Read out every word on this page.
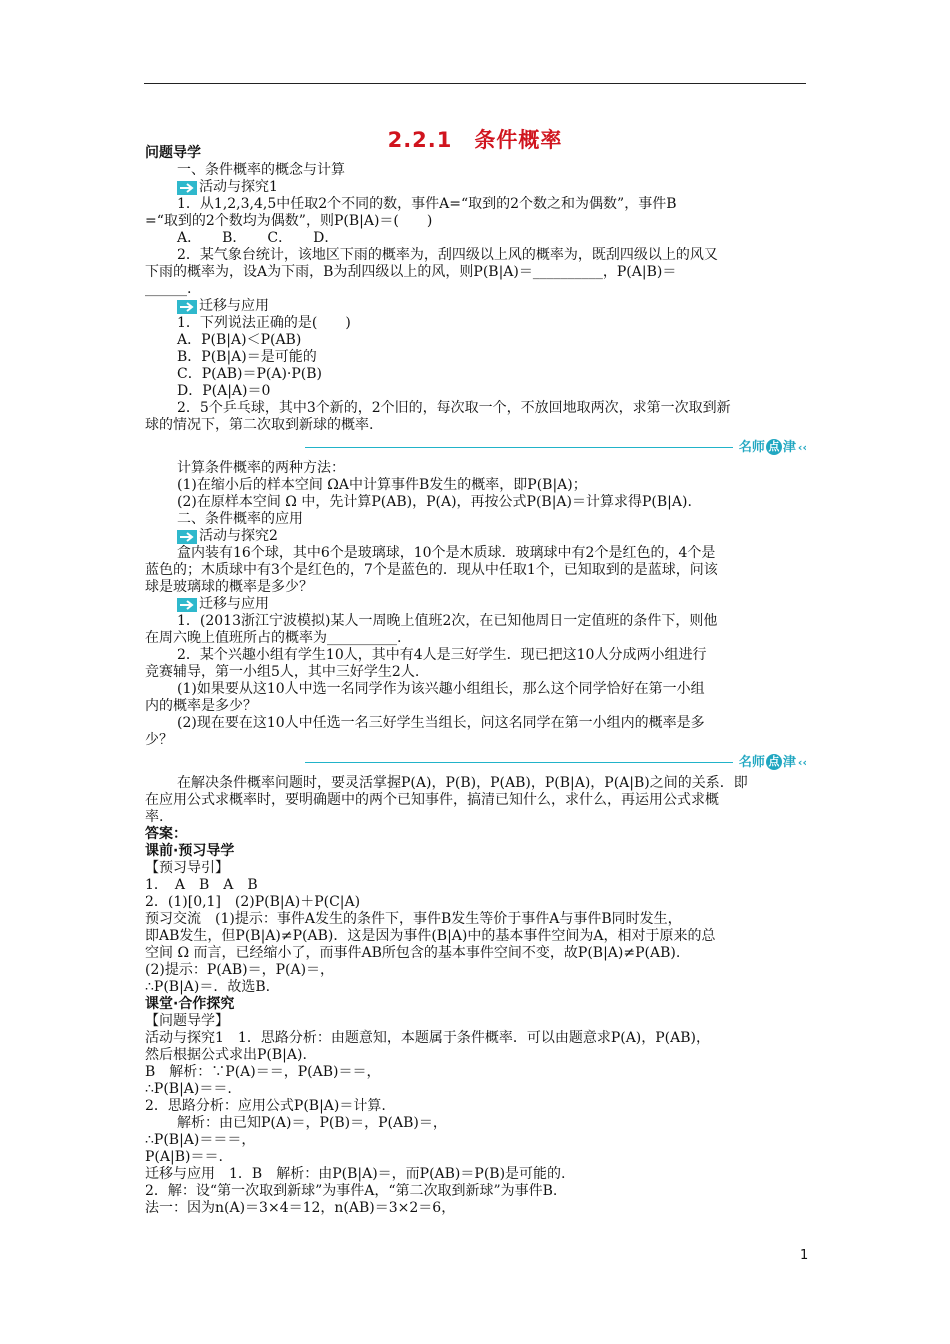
2.2.1　条件概率

问题导学

一、条件概率的概念与计算

活动与探究1

1．从1,2,3,4,5中任取2个不同的数，事件A=“取到的2个数之和为偶数”，事件B

=“取到的2个数均为偶数”，则P(B|A)＝(　　)

A．　　B．　　C．　　D．

2．某气象台统计，该地区下雨的概率为，刮四级以上风的概率为，既刮四级以上的风又

下雨的概率为，设A为下雨，B为刮四级以上的风，则P(B|A)＝__________，P(A|B)＝

______.

迁移与应用

1．下列说法正确的是(　　)

A．P(B|A)＜P(AB)

B．P(B|A)＝是可能的

C．P(AB)＝P(A)·P(B)

D．P(A|A)＝0

2．5个乒乓球，其中3个新的，2个旧的，每次取一个，不放回地取两次，求第一次取到新

球的情况下，第二次取到新球的概率.

名师 点 津 ‹‹

计算条件概率的两种方法：

(1)在缩小后的样本空间 ΩA中计算事件B发生的概率，即P(B|A)；

(2)在原样本空间 Ω 中，先计算P(AB)，P(A)，再按公式P(B|A)＝计算求得P(B|A).

二、条件概率的应用

活动与探究2

盒内装有16个球，其中6个是玻璃球，10个是木质球．玻璃球中有2个是红色的，4个是

蓝色的；木质球中有3个是红色的，7个是蓝色的．现从中任取1个，已知取到的是蓝球，问该

球是玻璃球的概率是多少？

迁移与应用

1．(2013浙江宁波模拟)某人一周晚上值班2次，在已知他周日一定值班的条件下，则他

在周六晚上值班所占的概率为__________.

2．某个兴趣小组有学生10人，其中有4人是三好学生．现已把这10人分成两小组进行

竞赛辅导，第一小组5人，其中三好学生2人.

(1)如果要从这10人中选一名同学作为该兴趣小组组长，那么这个同学恰好在第一小组

内的概率是多少？

(2)现在要在这10人中任选一名三好学生当组长，问这名同学在第一小组内的概率是多

少？

名师 点 津 ‹‹

在解决条件概率问题时，要灵活掌握P(A)，P(B)，P(AB)，P(B|A)，P(A|B)之间的关系．即

在应用公式求概率时，要明确题中的两个已知事件，搞清已知什么，求什么，再运用公式求概

率.

答案：

课前·预习导学

【预习导引】

1．　A　B　A　B

2．(1)[0,1]　(2)P(B|A)＋P(C|A)

预习交流　(1)提示：事件A发生的条件下，事件B发生等价于事件A与事件B同时发生，

即AB发生，但P(B|A)≠P(AB)．这是因为事件(B|A)中的基本事件空间为A，相对于原来的总

空间 Ω 而言，已经缩小了，而事件AB所包含的基本事件空间不变，故P(B|A)≠P(AB).

(2)提示：P(AB)＝，P(A)＝，

∴P(B|A)＝．故选B.

课堂·合作探究

【问题导学】

活动与探究1　1．思路分析：由题意知，本题属于条件概率．可以由题意求P(A)，P(AB)，

然后根据公式求出P(B|A).

B　解析：∵P(A)＝＝，P(AB)＝＝，

∴P(B|A)＝＝.

2．思路分析：应用公式P(B|A)＝计算.

解析：由已知P(A)＝，P(B)＝，P(AB)＝，

∴P(B|A)＝＝＝，

P(A|B)＝＝.

迁移与应用　1．B　解析：由P(B|A)＝，而P(AB)＝P(B)是可能的.

2．解：设“第一次取到新球”为事件A，“第二次取到新球”为事件B.

法一：因为n(A)＝3×4＝12，n(AB)＝3×2＝6，

1
